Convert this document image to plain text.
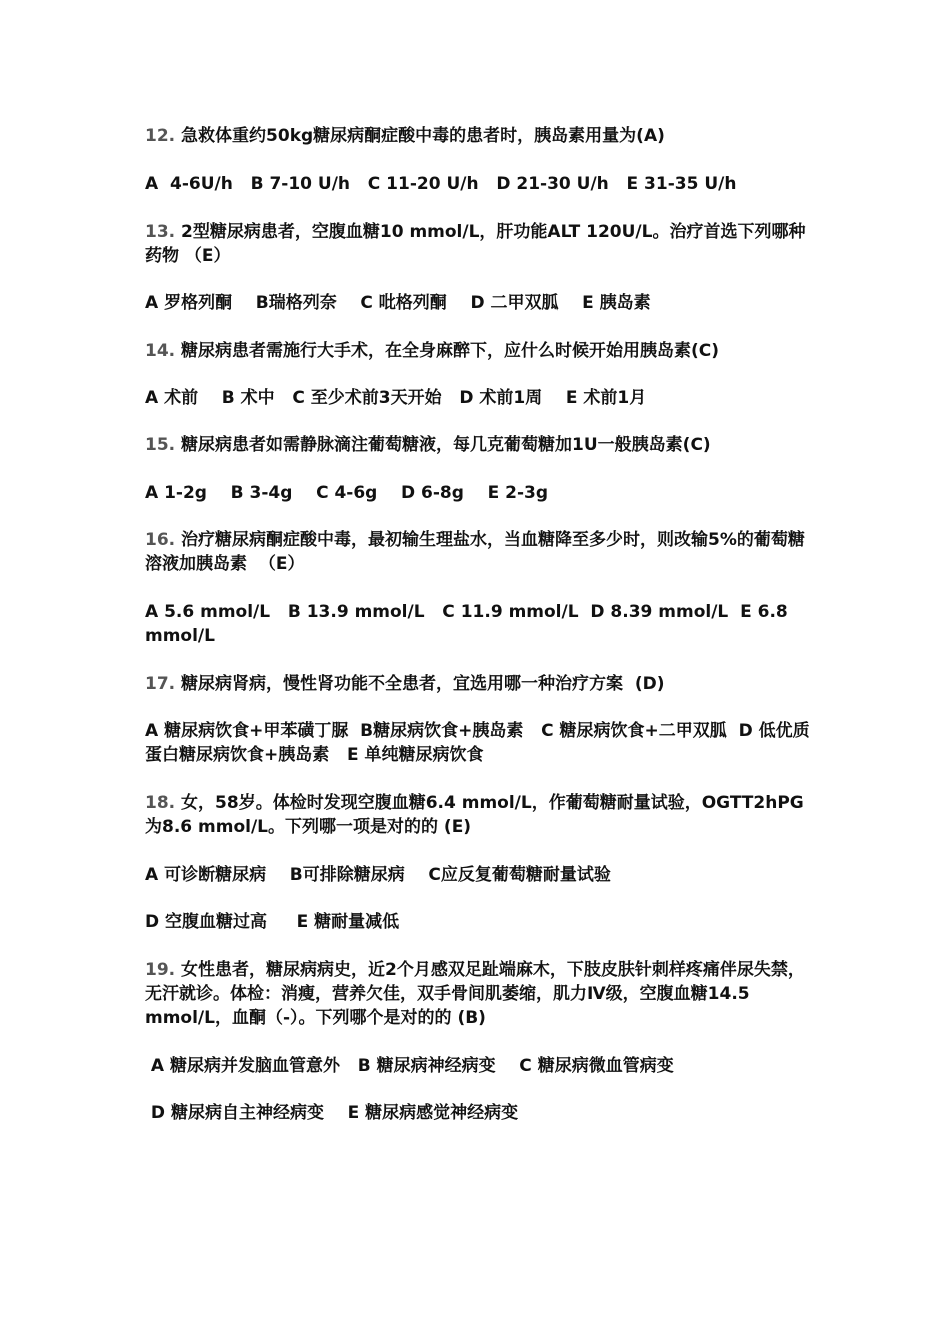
12. 急救体重约50kg糖尿病酮症酸中毒的患者时，胰岛素用量为(A)
A  4-6U/h   B 7-10 U/h   C 11-20 U/h   D 21-30 U/h   E 31-35 U/h
13. 2型糖尿病患者，空腹血糖10 mmol/L，肝功能ALT 120U/L。治疗首选下列哪种药物 （E）
A 罗格列酮    B瑞格列奈    C 吡格列酮    D 二甲双胍    E 胰岛素
14. 糖尿病患者需施行大手术，在全身麻醉下，应什么时候开始用胰岛素(C)
A 术前    B 术中   C 至少术前3天开始   D 术前1周    E 术前1月
15. 糖尿病患者如需静脉滴注葡萄糖液，每几克葡萄糖加1U一般胰岛素(C)
A 1-2g    B 3-4g    C 4-6g    D 6-8g    E 2-3g
16. 治疗糖尿病酮症酸中毒，最初输生理盐水，当血糖降至多少时，则改输5%的葡萄糖溶液加胰岛素  （E）
A 5.6 mmol/L   B 13.9 mmol/L   C 11.9 mmol/L  D 8.39 mmol/L  E 6.8 mmol/L
17. 糖尿病肾病，慢性肾功能不全患者，宜选用哪一种治疗方案  (D)
A 糖尿病饮食+甲苯磺丁脲  B糖尿病饮食+胰岛素   C 糖尿病饮食+二甲双胍  D 低优质蛋白糖尿病饮食+胰岛素   E 单纯糖尿病饮食
18. 女，58岁。体检时发现空腹血糖6.4 mmol/L，作葡萄糖耐量试验，OGTT2hPG为8.6 mmol/L。下列哪一项是对的的 (E)
A 可诊断糖尿病    B可排除糖尿病    C应反复葡萄糖耐量试验
D 空腹血糖过高     E 糖耐量减低
19. 女性患者，糖尿病病史，近2个月感双足趾端麻木，下肢皮肤针刺样疼痛伴尿失禁，无汗就诊。体检：消瘦，营养欠佳，双手骨间肌萎缩，肌力Ⅳ级，空腹血糖14.5 mmol/L，血酮（-）。下列哪个是对的的 (B)
A 糖尿病并发脑血管意外   B 糖尿病神经病变    C 糖尿病微血管病变
D 糖尿病自主神经病变    E 糖尿病感觉神经病变
